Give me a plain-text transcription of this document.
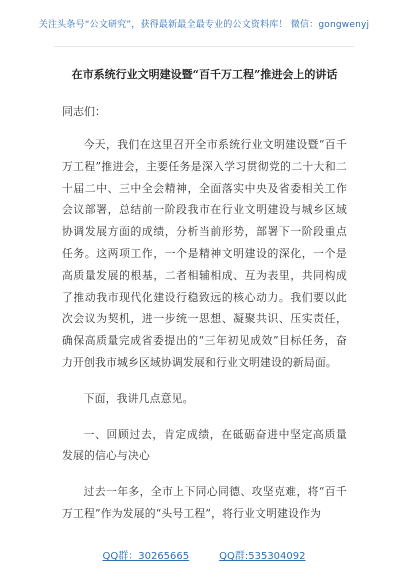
关注头条号“公文研究”，获得最新最全最专业的公文资料库！ 微信：gongwenyj
在市系统行业文明建设暨“百千万工程”推进会上的讲话
同志们：

今天，我们在这里召开全市系统行业文明建设暨“百千万工程”推进会，主要任务是深入学习贯彻党的二十大和二十届二中、三中全会精神，全面落实中央及省委相关工作会议部署，总结前一阶段我市在行业文明建设与城乡区域协调发展方面的成绩，分析当前形势，部署下一阶段重点任务。这两项工作，一个是精神文明建设的深化，一个是高质量发展的根基，二者相辅相成、互为表里，共同构成了推动我市现代化建设行稳致远的核心动力。我们要以此次会议为契机，进一步统一思想、凝聚共识、压实责任，确保高质量完成省委提出的“三年初见成效”目标任务，奋力开创我市城乡区域协调发展和行业文明建设的新局面。

下面，我讲几点意见。

一、回顾过去，肯定成绩，在砥砺奋进中坚定高质量发展的信心与决心

过去一年多，全市上下同心同德、攻坚克难，将“百千万工程”作为发展的“头号工程”，将行业文明建设作为

QQ群：30265665	QQ群:535304092
